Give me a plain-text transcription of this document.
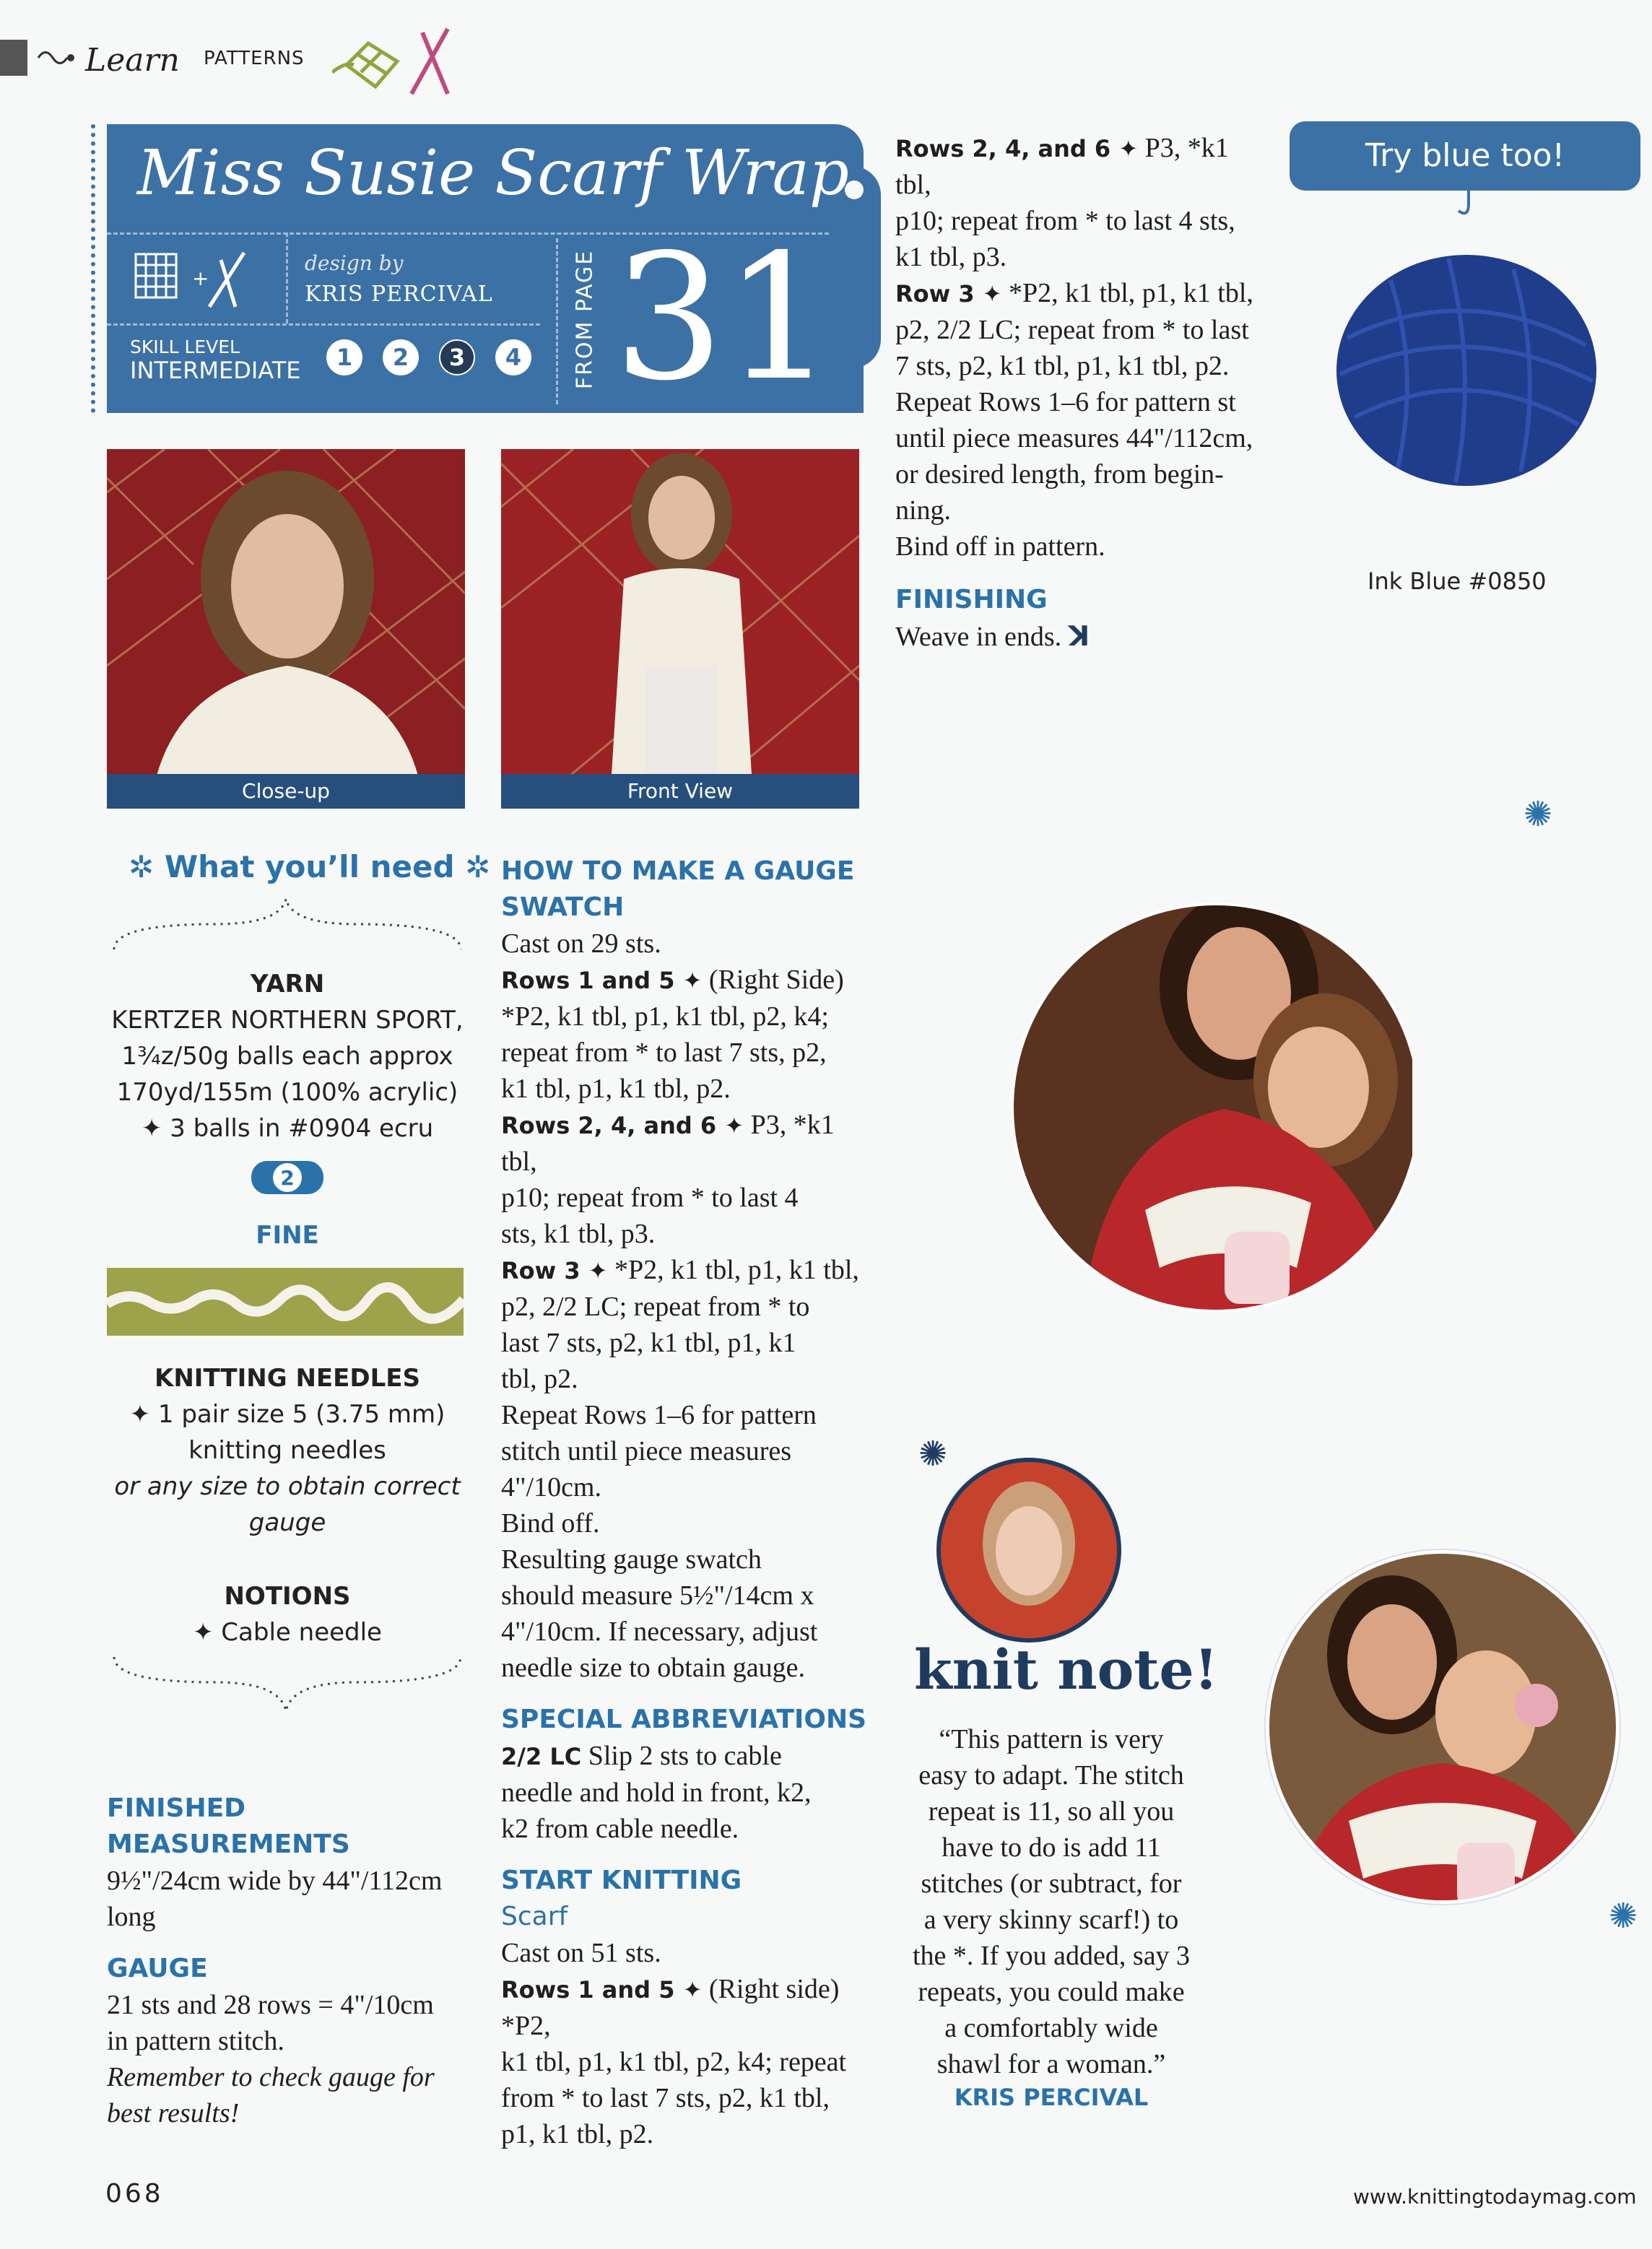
Learn PATTERNS
Miss Susie Scarf Wrap
+
design by
KRIS PERCIVAL
SKILL LEVEL
INTERMEDIATE	1	2	3	4	FROM PAGE 31
Close-up	Front View
✲ What you’ll need ✲
YARN
KERTZER NORTHERN SPORT,
1¾z/50g balls each approx
170yd/155m (100% acrylic)
✦ 3 balls in #0904 ecru
2
FINE
KNITTING NEEDLES
✦ 1 pair size 5 (3.75 mm)
knitting needles
or any size to obtain correct
gauge
NOTIONS
✦ Cable needle
FINISHED MEASUREMENTS
9½"/24cm wide by 44"/112cm
long
GAUGE
21 sts and 28 rows = 4"/10cm
in pattern stitch.
Remember to check gauge for
best results!
HOW TO MAKE A GAUGE
SWATCH
Cast on 29 sts.
Rows 1 and 5 ✦ (Right Side)
*P2, k1 tbl, p1, k1 tbl, p2, k4;
repeat from * to last 7 sts, p2,
k1 tbl, p1, k1 tbl, p2.
Rows 2, 4, and 6 ✦ P3, *k1 tbl,
p10; repeat from * to last 4
sts, k1 tbl, p3.
Row 3 ✦ *P2, k1 tbl, p1, k1 tbl,
p2, 2/2 LC; repeat from * to
last 7 sts, p2, k1 tbl, p1, k1
tbl, p2.
Repeat Rows 1–6 for pattern
stitch until piece measures
4"/10cm.
Bind off.
Resulting gauge swatch
should measure 5½"/14cm x
4"/10cm. If necessary, adjust
needle size to obtain gauge.
SPECIAL ABBREVIATIONS
2/2 LC Slip 2 sts to cable
needle and hold in front, k2,
k2 from cable needle.
START KNITTING
Scarf
Cast on 51 sts.
Rows 1 and 5 ✦ (Right side) *P2,
k1 tbl, p1, k1 tbl, p2, k4; repeat
from * to last 7 sts, p2, k1 tbl,
p1, k1 tbl, p2.
Rows 2, 4, and 6 ✦ P3, *k1 tbl,
p10; repeat from * to last 4 sts,
k1 tbl, p3.
Row 3 ✦ *P2, k1 tbl, p1, k1 tbl,
p2, 2/2 LC; repeat from * to last
7 sts, p2, k1 tbl, p1, k1 tbl, p2.
Repeat Rows 1–6 for pattern st
until piece measures 44"/112cm,
or desired length, from begin-
ning.
Bind off in pattern.
FINISHING
Weave in ends. ꓘ
Try blue too!
Ink Blue #0850
✺
✺
knit note!
“This pattern is very
easy to adapt. The stitch
repeat is 11, so all you
have to do is add 11
stitches (or subtract, for
a very skinny scarf!) to
the *. If you added, say 3
repeats, you could make
a comfortably wide
shawl for a woman.”
KRIS PERCIVAL
✺
068	www.knittingtodaymag.com
